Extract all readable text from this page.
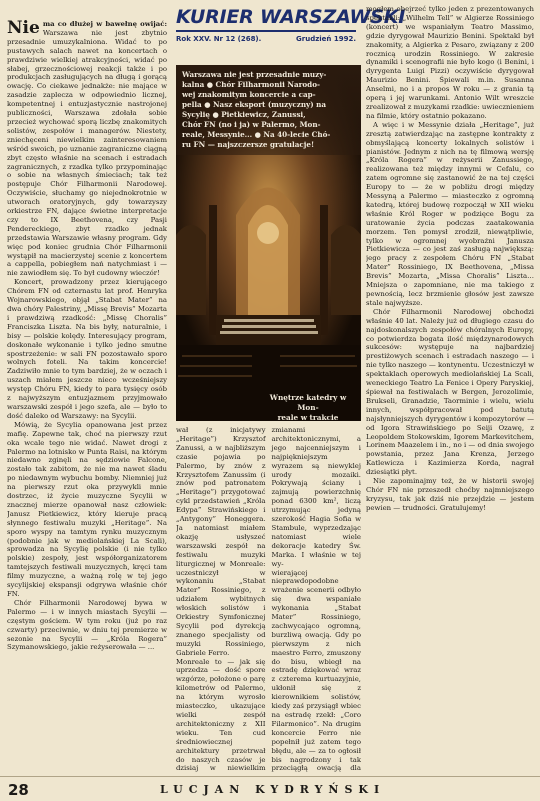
Nie ma co dłużej w bawełnę owijać: Warszawa nie jest zbytnio przesadnie umuzykalniona. Widać to po pustawych salach nawet na koncertach o prawdziwie wielkiej atrakcyjności, widać po słabej, grzecznościowej reakcji także i po produkcjach zasługujących na długą i gorącą owację. Co ciekawe jednakże: nie mające w zasadzie zaplecza w odpowiednio licznej, kompetentnej i entuzjastycznie nastrojonej publiczności, Warszawa zdołała sobie przecież wychować sporą liczbę znakomitych solistów, zespołów i managerów. Niestety, zniechęceni niewielkim zainteresowaniem wśród swoich, po uznanie zagraniczne ciągną zbyt często właśnie na scenach i estradach zagranicznych, z rzadka tylko przypominając o sobie na własnych śmieciach; tak też postępuje Chór Filharmonii Narodowej. Oczywiście, słuchamy go niejednokrotnie w utworach oratoryjnych, gdy towarzyszy orkiestrze FN, dające świetne interpretacje czy to IX Beethovena, czy Pasji Pendereckiego, zbyt rzadko jednak przedstawia Warszawie własny program. Gdy więc pod koniec grudnia Chór Filharmonii wystąpił na macierzystej scenie z koncertem a cappella, pobiegłem nań natychmiast i — nie zawiodłem się. To był cudowny wieczór!

Koncert, prowadzony przez kierującego Chórem FN od czternastu lat prof. Henryka Wojnarowskiego, objął „Stabat Mater” na dwa chóry Palestriny, „Missę Brevis” Mozarta i prawdziwą rzadkość: „Missę Choralis” Franciszka Liszta. Na bis były, naturalnie, i bisy — polskie kolędy. Interesujący program, doskonałe wykonanie i tylko jedno smutne spostrzeżenie: w sali FN pozostawało sporo wolnych foteli. Na takim koncercie! Zadziwiło mnie to tym bardziej, że w oczach i uszach miałem jeszcze nieco wcześniejszy występ Chóru FN, kiedy to para tysięcy osób z najwyższym entuzjazmem przyjmowało warszawski zespół i jego szefa, ale — było to dość daleko od Warszawy: na Sycylii.

Mówią, że Sycylia opanowana jest przez mafię. Zapewne tak, choć na pierwszy rzut oka wcale tego nie widać. Nawet drogi z Palermo na lotnisko w Punta Raisi, na którym niedawno zginęli na sędziowie Falcone, zostało tak zabitom, że nie ma nawet śladu po niedawnym wybuchu bomby. Niemniej już na pierwszy rzut oka przywykli mnie dostrzec, iż życie muzyczne Sycylii w znacznej mierze opanował nasz człowiek: Janusz Pietkiewicz, który kieruje pracą słynnego festiwalu muzyki „Heritage”. Na sporo wyspy na tamtym rynku muzycznym (podobnie jak w mediolańskiej La Scali), sprowadza na Sycylię polskie (i nie tylko polskie) zespoły, jest współorganizatorem tamtejszych festiwali muzycznych, kręci tam filmy muzyczne, a ważną rolę w tej jego sycylijskiej ekspansji odgrywa właśnie chór FN.

Chór Filharmonii Narodowej bywa w Palermo — i w innych miastach Sycylii — częstym gościem. W tym roku (już po raz czwarty) przeciwnie, w dniu tej premierze w sezonie na Sycylii — „Króla Rogera” Szymanowskiego, jakie reżyserowała — ...

KURIER WARSZAWSKI
Rok XXV. Nr 12 (268).	Grudzień 1992.
Warszawa nie jest przesadnie muzy-
kalna ● Chór Filharmonii Narodo-
wej znakomitym koncercie a cap-
pella ● Nasz eksport (muzyczny) na
Sycylię ● Pietkiewicz, Zanussi,
Chór FN (no i ja) w Palermo, Mon-
reale, Messynie... ● Na 40-lecie Chó-
ru FN — najszczersze gratulacje!
Wnętrze katedry w Mon-
reale w trakcie

wał (z inicjatywy „Heritage”) Krzysztof Zanussi, a w najbliższym czasie pojawia po Palermo, by znów z Krzysztofem Zanussim (i znów pod patronatem „Heritage”) przygotować cykl przedstawień „Króla Edypa” Strawińskiego i „Antygony” Honeggera. Ja natomiast miałem okazję usłyszeć warszawski zespół na festiwalu muzyki liturgicznej w Monreale: uczestniczył w wykonaniu „Stabat Mater” Rossiniego, z udziałem wybitnych włoskich solistów i Orkiestry Symfonicznej Sycylii pod dyrekcją znanego specjalisty od muzyki Rossiniego, Gabriele Ferro.

Monreale to — jak się uprzedza — dość spore wzgórze, położone o parę kilometrów od Palermo, na którym wyrosło miasteczko, ukazujące wielki zespół architektoniczny z XII wieku. Ten cud średniowiecznej architektury przetrwał do naszych czasów je dzisiaj w niewielkim zmianami architektonicznymi, a jego najcenniejszym i najpiękniejszym wyrazem są niewyklej urody mozaiki. Pokrywają ściany i zajmują powierzchnię ponad 6300 km², liczą utrzymując jedyną szerokość Hagia Sofia w Stambule, wyprzedzając natomiast wiele dekoracje katedry Św. Marka. I właśnie w tej wy-

wierającej nieprawdopodobne wrażenie scenerii odbyło się dwa wspaniałe wykonania „Stabat Mater” Rossiniego, zachwycająco ogromną, burzliwą owacją. Gdy po pierwszym z nich maestro Ferro, zmuszony do bisu, wbiegł na estradę dziękować wraz z czterema kurtuazyjnie, ukłonił się z kierownikiem solistów, kiedy zaś przysiągł wbiec na estradę rzekł: „Coro Filarmonico”. Na drugim koncercie Ferro nie popełnił już zatem tego błędu, ale — za to ogłosił bis nagrodzony i tak przeciągłą owacją dla

mogłem obejrzeć tylko jeden z prezentowanych spektakli: „Wilhelm Tell” w Algierze Rossiniego (koncert) we wspaniałym Teatro Massimo, gdzie dyrygował Maurizio Benini. Spektakl był znakomity, a Algierka z Pesaro, związany z 200 rocznicą urodzin Rossiniego. W zakresie dynamiki i scenografii nie było kogo (i Benini, i dyrygenta Luigi Pizzi) oczywiście dyrygował Maurizio Benini. Śpiewali m.in. Susanna Anselmi, no i a propos W roku — z grania tą operą i jej warunkami. Antonio Wilt wreszcie zrealizował z muzykami rzadkie: uwiecznieniem na filmie, który ostatnio pokazano.

A więc i w Messynie działa „Heritage”, już zresztą zatwierdzając na zastępne kontrakty z obmyślającą koncerty lokalnych solistów i pianistów. Jednym z nich na tę filmową wersję „Króla Rogera” w reżyserii Zanussiego, realizowana też między innymi w Cefalu, co zatem ogromne się zastanowić że na tej części Europy to — że w pobliżu drogi między Messyną a Palermo — miasteczko z ogromną katedrą, której budowę rozpoczął w XII wieku właśnie Król Roger w podzięce Bogu za uratowanie życia podczas zaatakowania morzem. Ten pomysł zrodził, niewątpliwie, tylko w ogromnej wyobraźni Janusza Pietkiewicza — co jest zaś zasługą największą: jego pracy z zespołem Chóru FN „Stabat Mater” Rossiniego, IX Beethovena, „Missa Brevis” Mozarta, „Missa Choralis” Liszta… Mniejsza o zapomniane, nie ma takiego z pewnością, lecz brzmienie głosów jest zawsze stale najwyższe.

Chór Filharmonii Narodowej obchodzi właśnie 40 lat. Należy już od długiego czasu do najdoskonalszych zespołów chóralnych Europy, co potwierdza bogata ilość międzynarodowych sukcesów: występuje na najbardziej prestiżowych scenach i estradach naszego — i nie tylko naszego — kontynentu. Uczestniczył w spektaklach operowych mediolańskiej La Scali, weneckiego Teatro La Fenice i Opery Paryskiej, śpiewał na festiwalach w Bergen, Jerozolimie, Brukseli, Granadzie, Taorminie i wielu, wielu innych, współpracował pod batutą najsłynniejszych dyrygentów i kompozytorów — od Igora Strawińskiego po Seiji Ozawę, z Leopoldem Stokowskim, Igorem Markevitchem, Lorinem Maazelem i in., no i — od dnia swojego powstania, przez Jana Krenza, Jerzego Katlewicza i Kazimierza Korda, nagrał dziesiątki płyt.

Nie zapominajmy też, że w historii swojej Chór FN nie przeszedł choćby najmniejszego kryzysu, tak jak dziś nie przejdzie — jestem pewien — trudności. Gratulujemy!

28	LUCJAN KYDRYŃSKI
